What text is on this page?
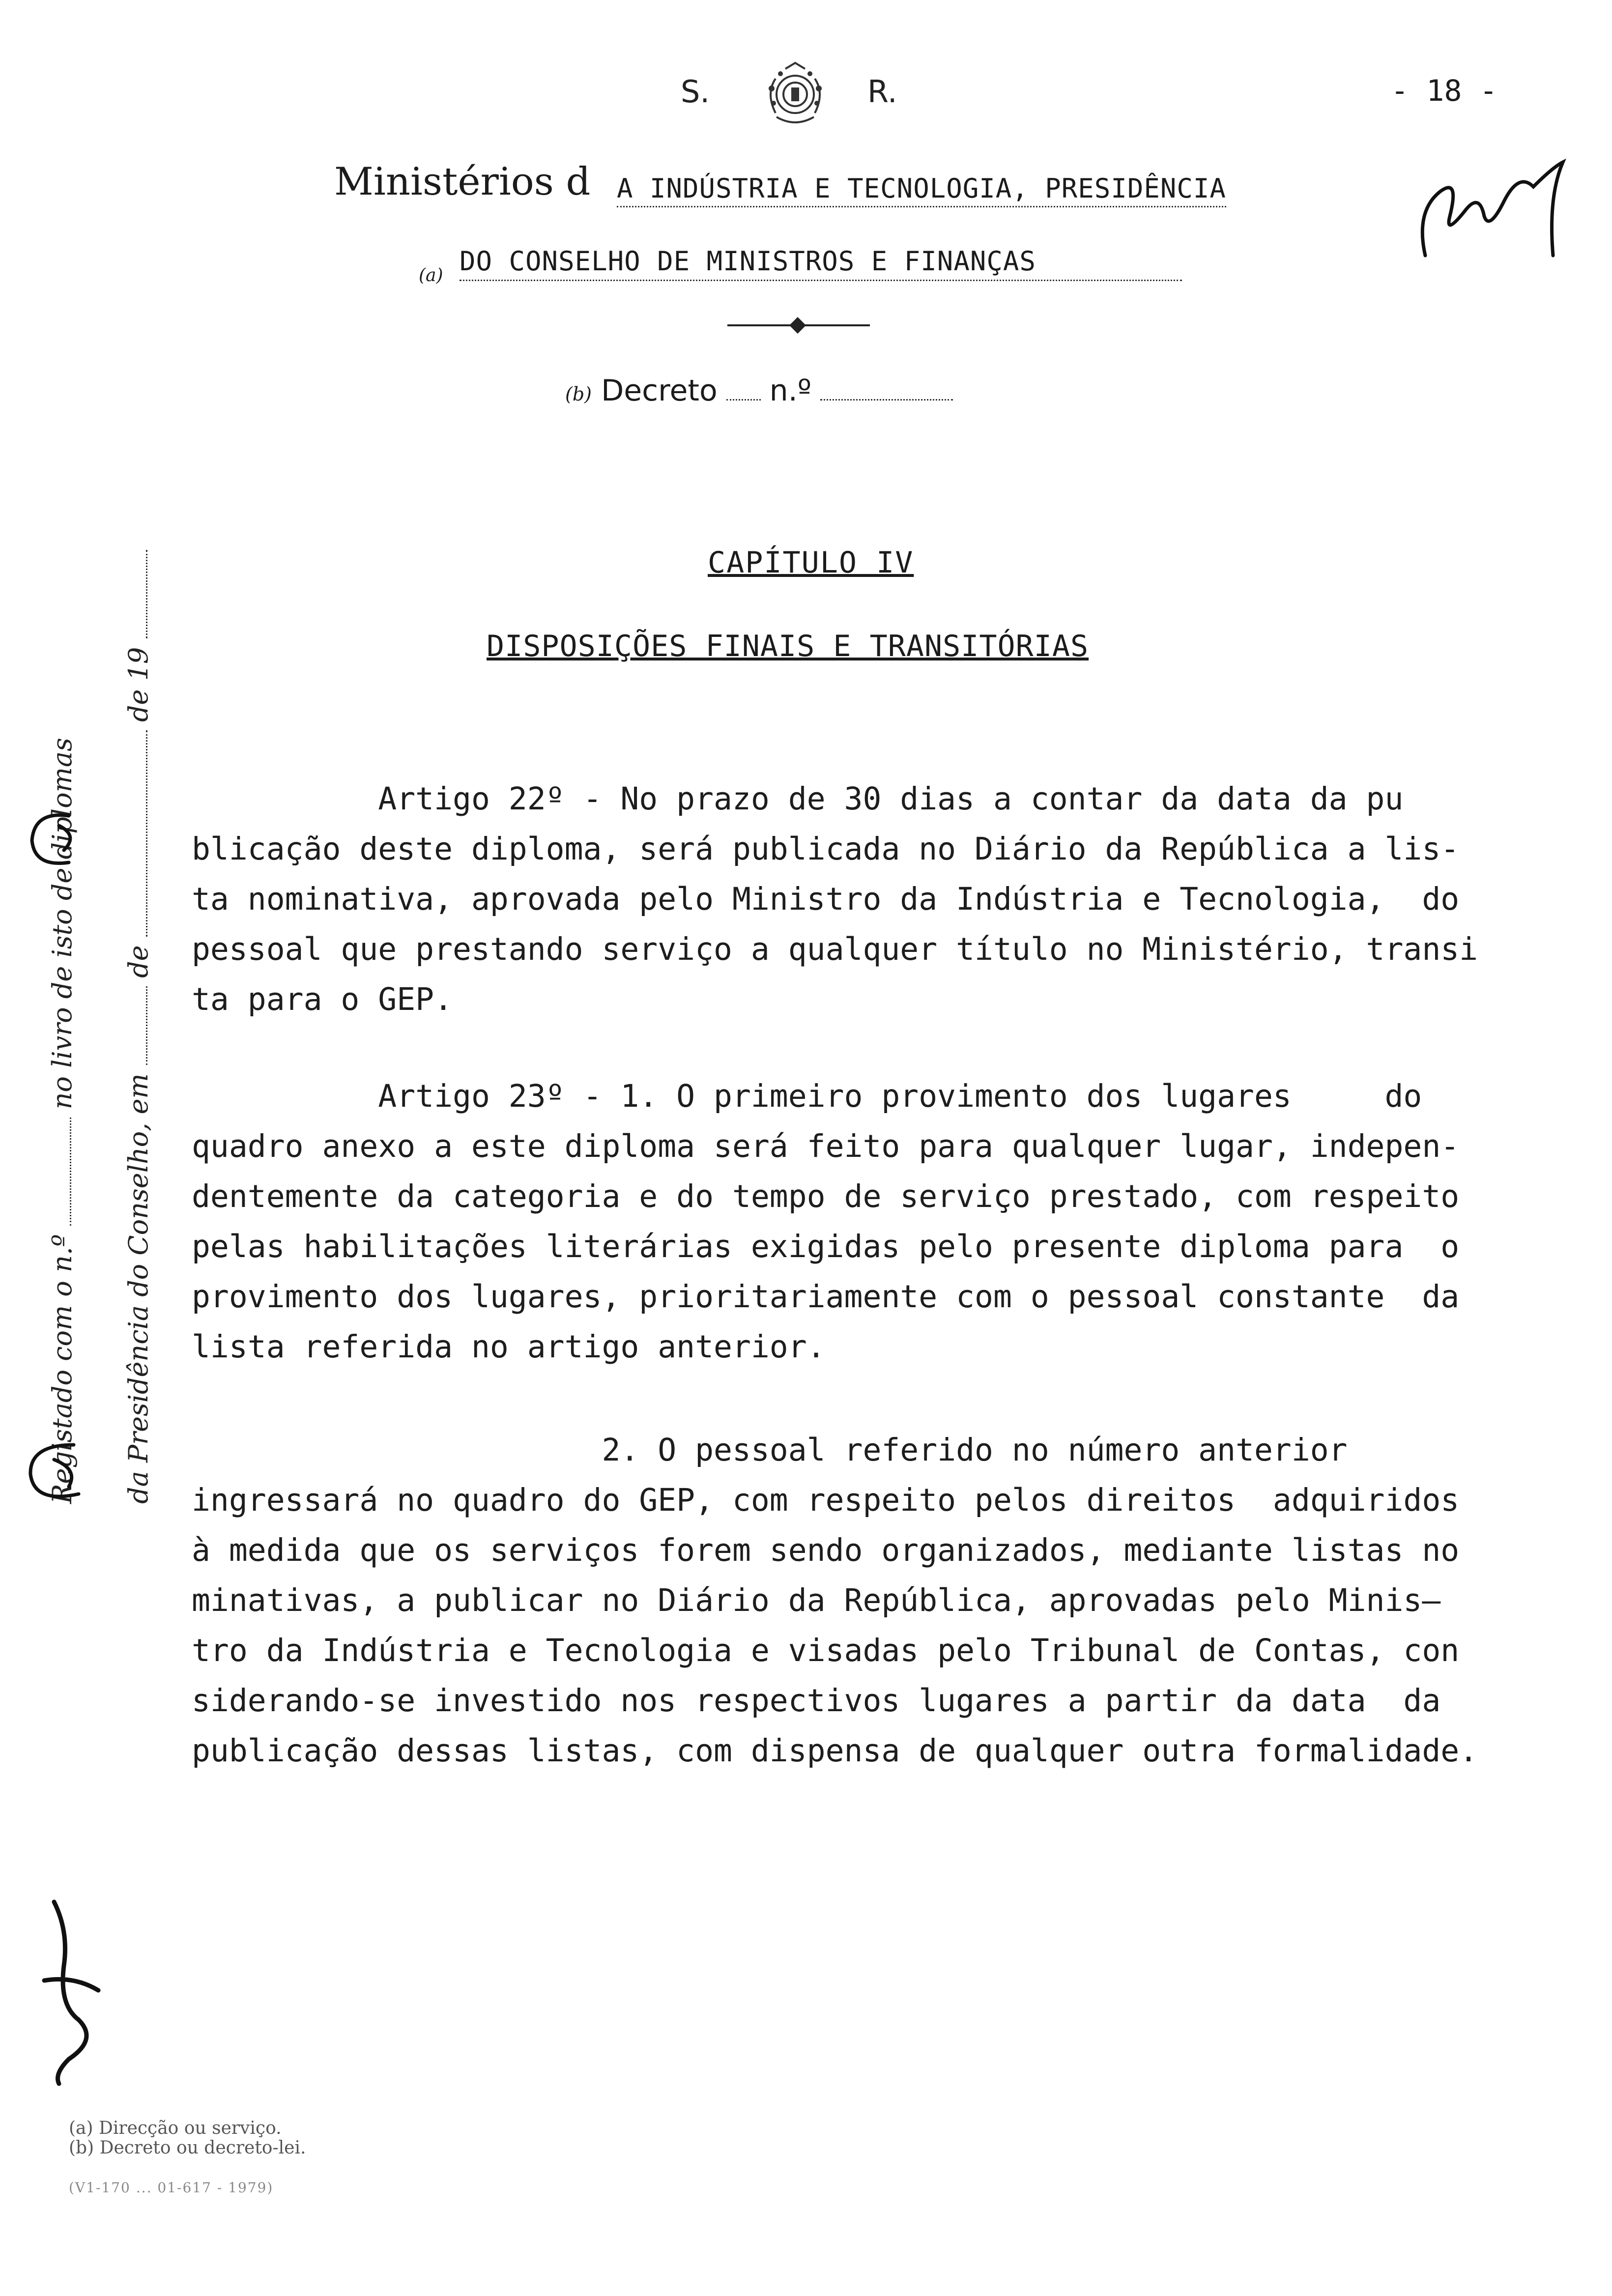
S.	R.	- 18 -
Ministérios d A INDÚSTRIA E TECNOLOGIA, PRESIDÊNCIA
(a) DO CONSELHO DE MINISTROS E FINANÇAS
(b) Decreto n.º
CAPÍTULO IV
DISPOSIÇÕES FINAIS E TRANSITÓRIAS
Artigo 22º - No prazo de 30 dias a contar da data da pu
blicação deste diploma, será publicada no Diário da República a lis-
ta nominativa, aprovada pelo Ministro da Indústria e Tecnologia,  do
pessoal que prestando serviço a qualquer título no Ministério, transi
ta para o GEP.
Artigo 23º - 1. O primeiro provimento dos lugares     do
quadro anexo a este diploma será feito para qualquer lugar, indepen-
dentemente da categoria e do tempo de serviço prestado, com respeito
pelas habilitações literárias exigidas pelo presente diploma para  o
provimento dos lugares, prioritariamente com o pessoal constante  da
lista referida no artigo anterior.
2. O pessoal referido no número anterior
ingressará no quadro do GEP, com respeito pelos direitos  adquiridos
à medida que os serviços forem sendo organizados, mediante listas no
minativas, a publicar no Diário da República, aprovadas pelo Minis—
tro da Indústria e Tecnologia e visadas pelo Tribunal de Contas, con
siderando-se investido nos respectivos lugares a partir da data  da
publicação dessas listas, com dispensa de qualquer outra formalidade.
Registado com o n.º  no livro de isto de diplomas
da Presidência do Conselho, em  de  de 19
(a) Direcção ou serviço.
(b) Decreto ou decreto-lei.
(V1-170 ... 01-617 - 1979)
